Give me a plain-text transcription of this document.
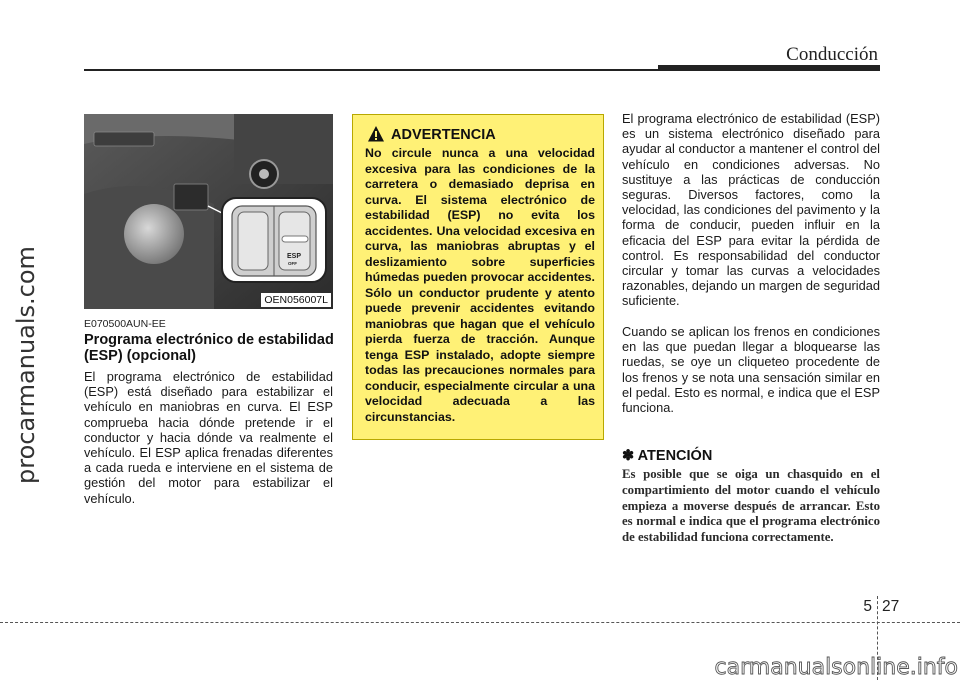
Conducción
procarmanuals.com	ESP
OFF
OEN056007L
E070500AUN-EE
Programa electrónico de estabilidad (ESP) (opcional)
El programa electrónico de estabilidad (ESP) está diseñado para estabilizar el vehículo en maniobras en curva. El ESP comprueba hacia dónde pretende ir el conductor y hacia dónde va realmente el vehículo. El ESP aplica frenadas diferentes a cada rueda e interviene en el sistema de gestión del motor para estabilizar el vehículo.
ADVERTENCIA
No circule nunca a una velocidad excesiva para las condiciones de la carretera o demasiado deprisa en curva. El sistema electrónico de estabilidad (ESP) no evita los accidentes. Una velocidad excesiva en curva, las maniobras abruptas y el deslizamiento sobre superficies húmedas pueden provocar accidentes. Sólo un conductor prudente y atento puede prevenir accidentes evitando maniobras que hagan que el vehículo pierda fuerza de tracción. Aunque tenga ESP instalado, adopte siempre todas las precauciones normales para conducir, especialmente circular a una velocidad adecuada a las circunstancias.
El programa electrónico de estabilidad (ESP) es un sistema electrónico diseñado para ayudar al conductor a mantener el control del vehículo en condiciones adversas. No sustituye a las prácticas de conducción seguras. Diversos factores, como la velocidad, las condiciones del pavimento y la forma de conducir, pueden influir en la eficacia del ESP para evitar la pérdida de control. Es responsabilidad del conductor circular y tomar las curvas a velocidades razonables, dejando un margen de seguridad suficiente.
Cuando se aplican los frenos en condiciones en las que puedan llegar a bloquearse las ruedas, se oye un cliqueteo procedente de los frenos y se nota una sensación similar en el pedal. Esto es normal, e indica que el ESP funciona.
✽ ATENCIÓN
Es posible que se oiga un chasquido en el compartimiento del motor cuando el vehículo empieza a moverse después de arrancar. Esto es normal e indica que el programa electrónico de estabilidad funciona correctamente.
5 27
carmanualsonline.info
